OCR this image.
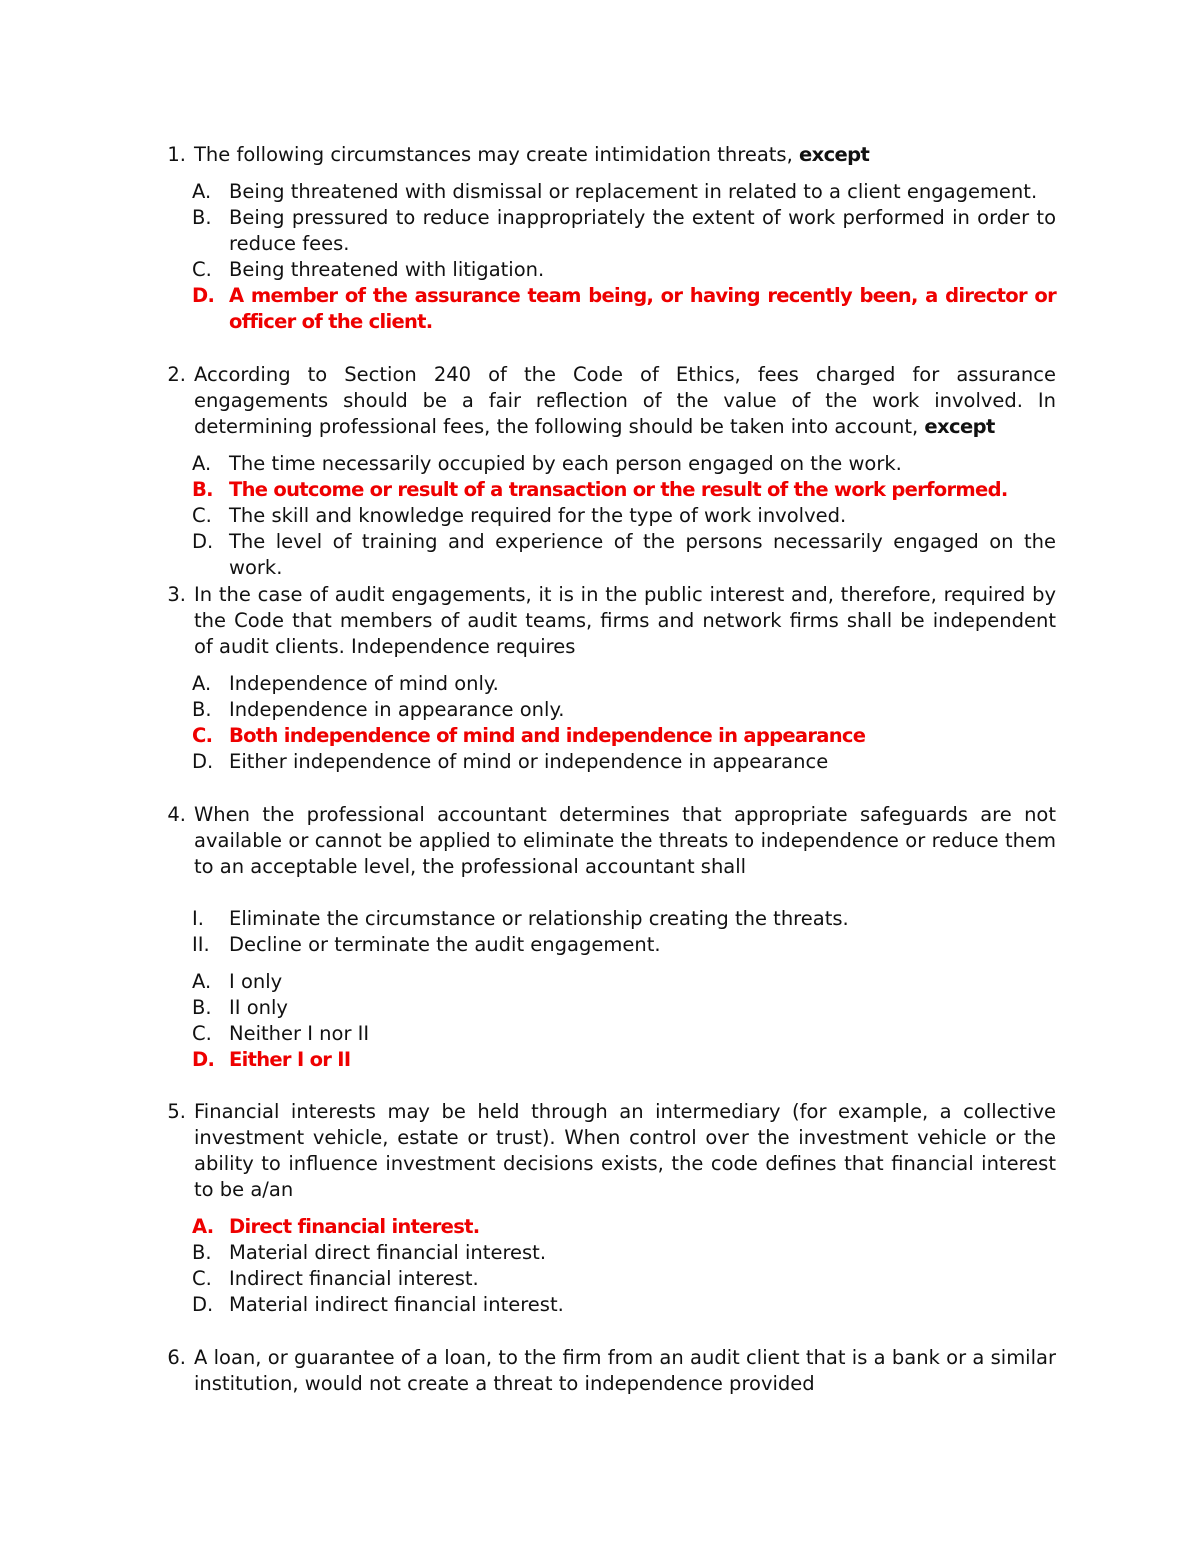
1. The following circumstances may create intimidation threats, except
A. Being threatened with dismissal or replacement in related to a client engagement.
B. Being pressured to reduce inappropriately the extent of work performed in order to reduce fees.
C. Being threatened with litigation.
D. A member of the assurance team being, or having recently been, a director or officer of the client.
2. According to Section 240 of the Code of Ethics, fees charged for assurance engagements should be a fair reflection of the value of the work involved. In determining professional fees, the following should be taken into account, except
A. The time necessarily occupied by each person engaged on the work.
B. The outcome or result of a transaction or the result of the work performed.
C. The skill and knowledge required for the type of work involved.
D. The level of training and experience of the persons necessarily engaged on the work.
3. In the case of audit engagements, it is in the public interest and, therefore, required by the Code that members of audit teams, firms and network firms shall be independent of audit clients. Independence requires
A. Independence of mind only.
B. Independence in appearance only.
C. Both independence of mind and independence in appearance
D. Either independence of mind or independence in appearance
4. When the professional accountant determines that appropriate safeguards are not available or cannot be applied to eliminate the threats to independence or reduce them to an acceptable level, the professional accountant shall
I. Eliminate the circumstance or relationship creating the threats.
II. Decline or terminate the audit engagement.
A. I only
B. II only
C. Neither I nor II
D. Either I or II
5. Financial interests may be held through an intermediary (for example, a collective investment vehicle, estate or trust). When control over the investment vehicle or the ability to influence investment decisions exists, the code defines that financial interest to be a/an
A. Direct financial interest.
B. Material direct financial interest.
C. Indirect financial interest.
D. Material indirect financial interest.
6. A loan, or guarantee of a loan, to the firm from an audit client that is a bank or a similar institution, would not create a threat to independence provided
